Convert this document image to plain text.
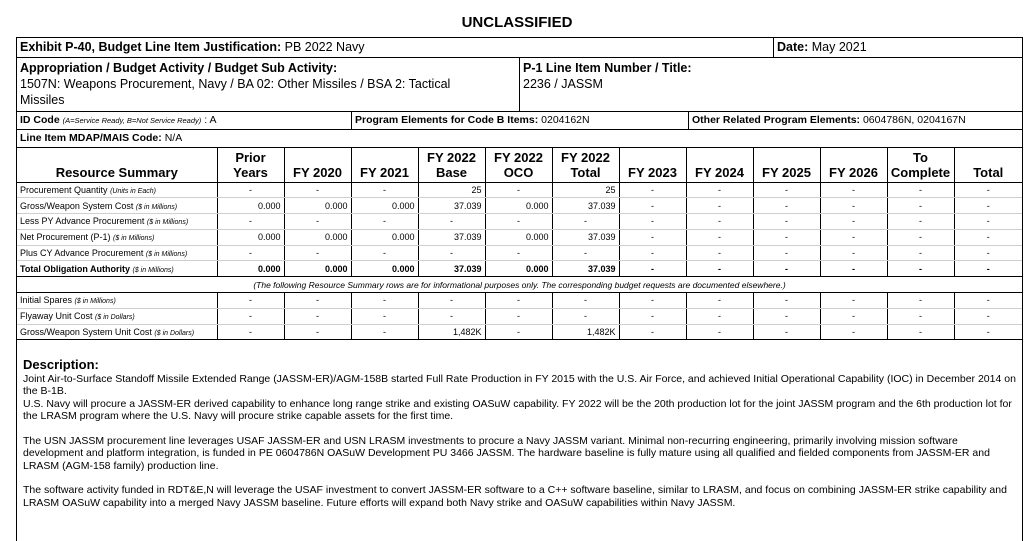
UNCLASSIFIED
Exhibit P-40, Budget Line Item Justification: PB 2022 Navy	Date: May 2021
Appropriation / Budget Activity / Budget Sub Activity:
1507N: Weapons Procurement, Navy / BA 02: Other Missiles / BSA 2: Tactical Missiles
P-1 Line Item Number / Title:
2236 / JASSM
ID Code (A=Service Ready, B=Not Service Ready) : A	Program Elements for Code B Items: 0204162N	Other Related Program Elements: 0604786N, 0204167N
Line Item MDAP/MAIS Code: N/A
Resource Summary	Prior Years	FY 2020	FY 2021	FY 2022 Base	FY 2022 OCO	FY 2022 Total	FY 2023	FY 2024	FY 2025	FY 2026	To Complete	Total
Procurement Quantity (Units in Each)	-	-	-	25	-	25	-	-	-	-	-	-
Gross/Weapon System Cost ($ in Millions)	0.000	0.000	0.000	37.039	0.000	37.039	-	-	-	-	-	-
Less PY Advance Procurement ($ in Millions)	-	-	-	-	-	-	-	-	-	-	-	-
Net Procurement (P-1) ($ in Millions)	0.000	0.000	0.000	37.039	0.000	37.039	-	-	-	-	-	-
Plus CY Advance Procurement ($ in Millions)	-	-	-	-	-	-	-	-	-	-	-	-
Total Obligation Authority ($ in Millions)	0.000	0.000	0.000	37.039	0.000	37.039	-	-	-	-	-	-
(The following Resource Summary rows are for informational purposes only. The corresponding budget requests are documented elsewhere.)												
Initial Spares ($ in Millions)	-	-	-	-	-	-	-	-	-	-	-	-
Flyaway Unit Cost ($ in Dollars)	-	-	-	-	-	-	-	-	-	-	-	-
Gross/Weapon System Unit Cost ($ in Dollars)	-	-	-	1,482K	-	1,482K	-	-	-	-	-	-
Description:

Joint Air-to-Surface Standoff Missile Extended Range (JASSM-ER)/AGM-158B started Full Rate Production in FY 2015 with the U.S. Air Force, and achieved Initial Operational Capability (IOC) in December 2014 on the B-1B.

U.S. Navy will procure a JASSM-ER derived capability to enhance long range strike and existing OASuW capability. FY 2022 will be the 20th production lot for the joint JASSM program and the 6th production lot for the LRASM program where the U.S. Navy will procure strike capable assets for the first time.

The USN JASSM procurement line leverages USAF JASSM-ER and USN LRASM investments to procure a Navy JASSM variant. Minimal non-recurring engineering, primarily involving mission software development and platform integration, is funded in PE 0604786N OASuW Development PU 3466 JASSM. The hardware baseline is fully mature using all qualified and fielded components from JASSM-ER and LRASM (AGM-158 family) production line.

The software activity funded in RDT&E,N will leverage the USAF investment to convert JASSM-ER software to a C++ software baseline, similar to LRASM, and focus on combining JASSM-ER strike capability and LRASM OASuW capability into a merged Navy JASSM baseline. Future efforts will expand both Navy strike and OASuW capabilities within Navy JASSM.
